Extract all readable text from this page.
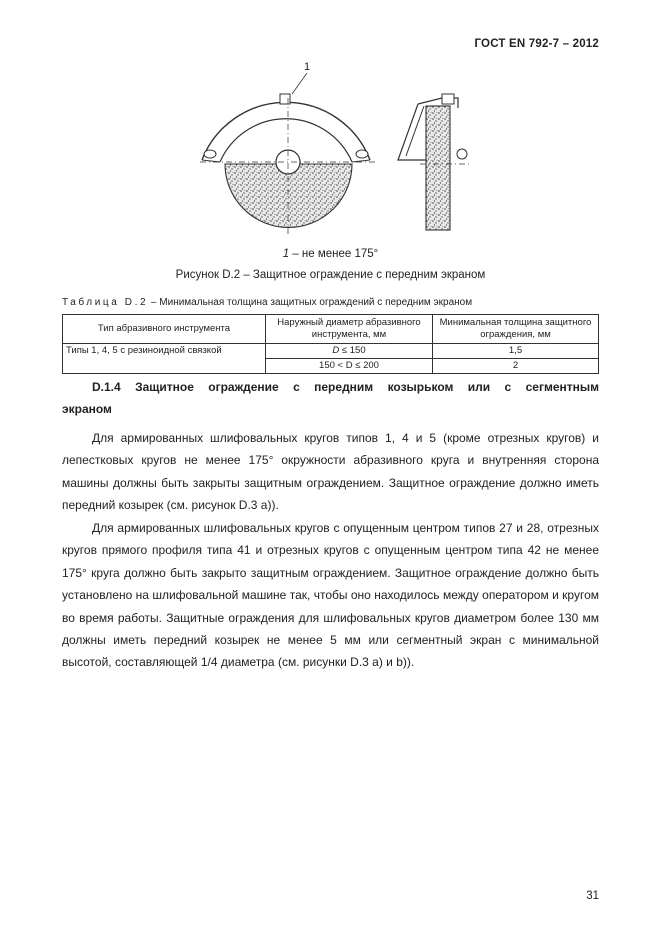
ГОСТ EN 792-7 – 2012
1
1 – не менее 175°
Рисунок D.2 – Защитное ограждение с передним экраном
Таблица D.2 – Минимальная толщина защитных ограждений с передним экраном
Тип абразивного инструмента	Наружный диаметр абразивного инструмента, мм	Минимальная толщина защитного ограждения, мм
Типы 1, 4, 5 с резиноидной связкой	D ≤ 150	1,5
	150 < D ≤ 200	2
D.1.4 Защитное ограждение с передним козырьком или с сегментным
экраном

Для армированных шлифовальных кругов типов 1, 4 и 5 (кроме отрезных кругов) и лепестковых кругов не менее 175° окружности абразивного круга и внутренняя сторона машины должны быть закрыты защитным ограждением. Защитное ограждение должно иметь передний козырек (см. рисунок D.3 а)).

Для армированных шлифовальных кругов с опущенным центром типов 27 и 28, отрезных кругов прямого профиля типа 41 и отрезных кругов с опущенным центром типа 42 не менее 175° круга должно быть закрыто защитным ограждением. Защитное ограждение должно быть установлено на шлифовальной машине так, чтобы оно находилось между оператором и кругом во время работы. Защитные ограждения для шлифовальных кругов диаметром более 130 мм должны иметь передний козырек не менее 5 мм или сегментный экран с минимальной высотой, составляющей 1/4 диаметра (см. рисунки D.3 а) и b)).

31
